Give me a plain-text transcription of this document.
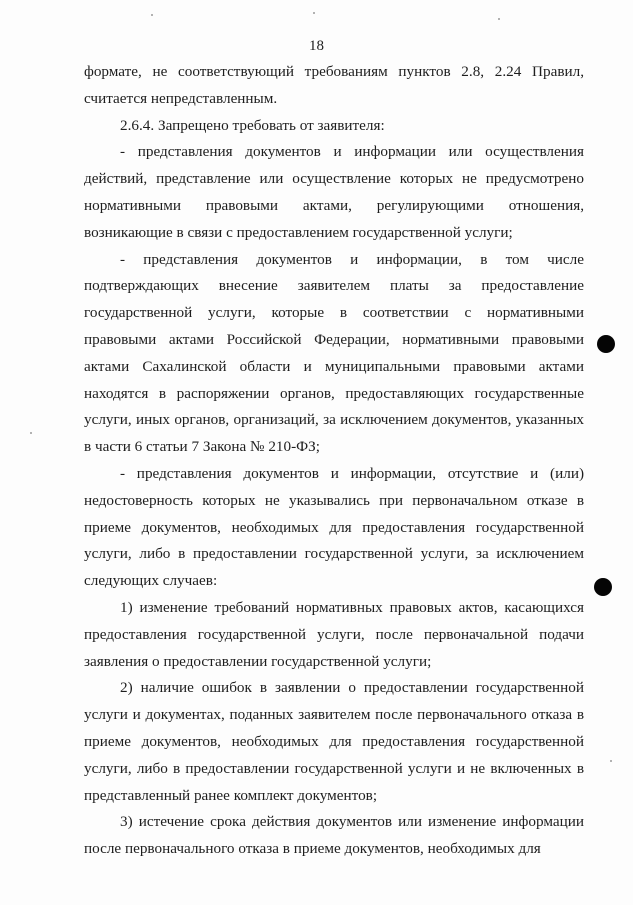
18

формате, не соответствующий требованиям пунктов 2.8, 2.24 Правил, считается непредставленным.

2.6.4. Запрещено требовать от заявителя:

- представления документов и информации или осуществления действий, представление или осуществление которых не предусмотрено нормативными правовыми актами, регулирующими отношения, возникающие в связи с предоставлением государственной услуги;

- представления документов и информации, в том числе подтверждающих внесение заявителем платы за предоставление государственной услуги, которые в соответствии с нормативными правовыми актами Российской Федерации, нормативными правовыми актами Сахалинской области и муниципальными правовыми актами находятся в распоряжении органов, предоставляющих государственные услуги, иных органов, организаций, за исключением документов, указанных в части 6 статьи 7 Закона № 210-ФЗ;

- представления документов и информации, отсутствие и (или) недостоверность которых не указывались при первоначальном отказе в приеме документов, необходимых для предоставления государственной услуги, либо в предоставлении государственной услуги, за исключением следующих случаев:

1) изменение требований нормативных правовых актов, касающихся предоставления государственной услуги, после первоначальной подачи заявления о предоставлении государственной услуги;

2) наличие ошибок в заявлении о предоставлении государственной услуги и документах, поданных заявителем после первоначального отказа в приеме документов, необходимых для предоставления государственной услуги, либо в предоставлении государственной услуги и не включенных в представленный ранее комплект документов;

3) истечение срока действия документов или изменение информации после первоначального отказа в приеме документов, необходимых для
